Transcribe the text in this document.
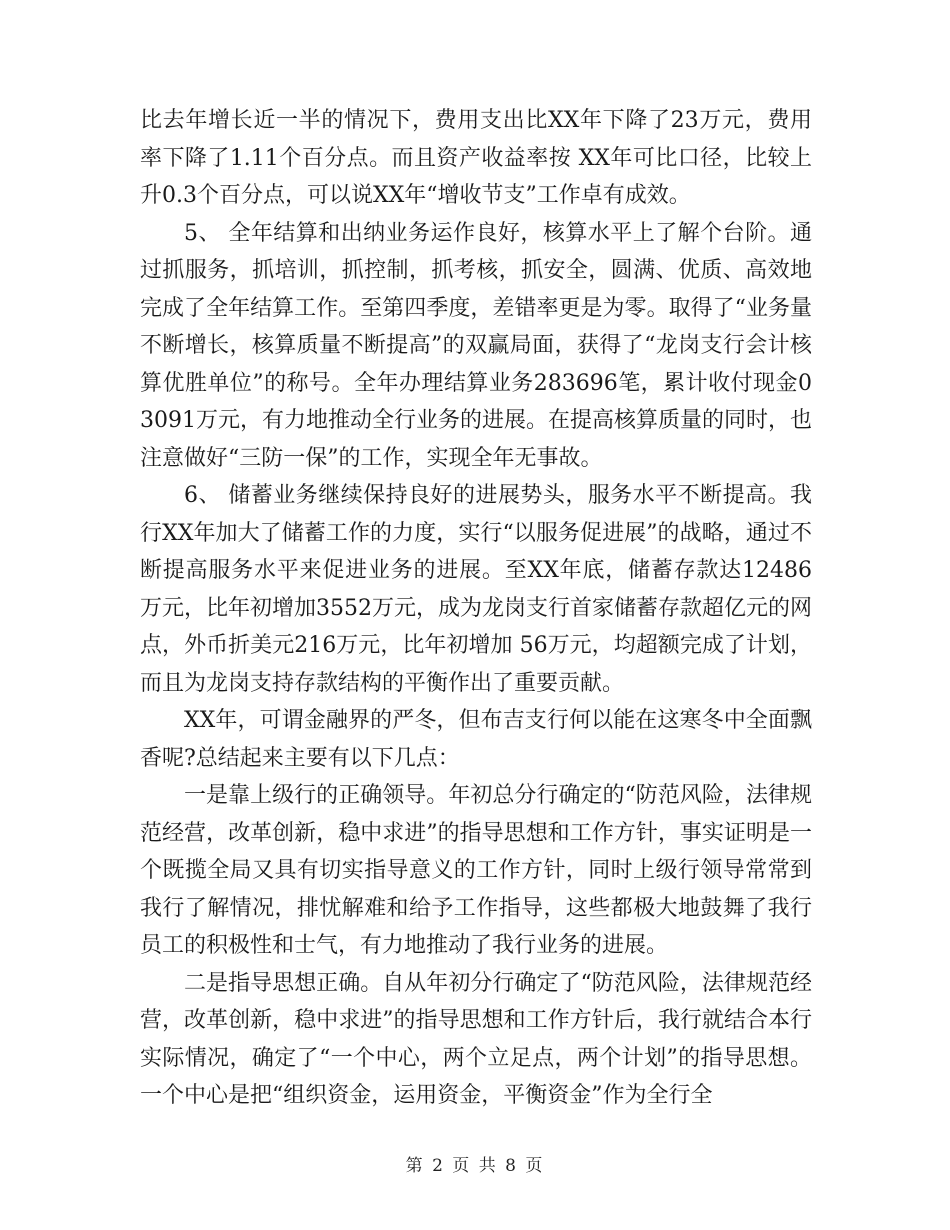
比去年增长近一半的情况下，费用支出比XX年下降了23万元，费用率下降了1.11个百分点。而且资产收益率按 XX年可比口径，比较上升0.3个百分点，可以说XX年“增收节支”工作卓有成效。

5、 全年结算和出纳业务运作良好，核算水平上了解个台阶。通过抓服务，抓培训，抓控制，抓考核，抓安全，圆满、优质、高效地完成了全年结算工作。至第四季度，差错率更是为零。取得了“业务量不断增长，核算质量不断提高”的双赢局面，获得了“龙岗支行会计核算优胜单位”的称号。全年办理结算业务283696笔，累计收付现金03091万元，有力地推动全行业务的进展。在提高核算质量的同时，也注意做好“三防一保”的工作，实现全年无事故。

6、 储蓄业务继续保持良好的进展势头，服务水平不断提高。我行XX年加大了储蓄工作的力度，实行“以服务促进展”的战略，通过不断提高服务水平来促进业务的进展。至XX年底，储蓄存款达12486万元，比年初增加3552万元，成为龙岗支行首家储蓄存款超亿元的网点，外币折美元216万元，比年初增加 56万元，均超额完成了计划，而且为龙岗支持存款结构的平衡作出了重要贡献。

XX年，可谓金融界的严冬，但布吉支行何以能在这寒冬中全面飘香呢?总结起来主要有以下几点：

一是靠上级行的正确领导。年初总分行确定的“防范风险，法律规范经营，改革创新，稳中求进”的指导思想和工作方针，事实证明是一个既揽全局又具有切实指导意义的工作方针，同时上级行领导常常到我行了解情况，排忧解难和给予工作指导，这些都极大地鼓舞了我行员工的积极性和士气，有力地推动了我行业务的进展。

二是指导思想正确。自从年初分行确定了“防范风险，法律规范经营，改革创新，稳中求进”的指导思想和工作方针后，我行就结合本行实际情况，确定了“一个中心，两个立足点，两个计划”的指导思想。一个中心是把“组织资金，运用资金，平衡资金”作为全行全

第 2 页 共 8 页
